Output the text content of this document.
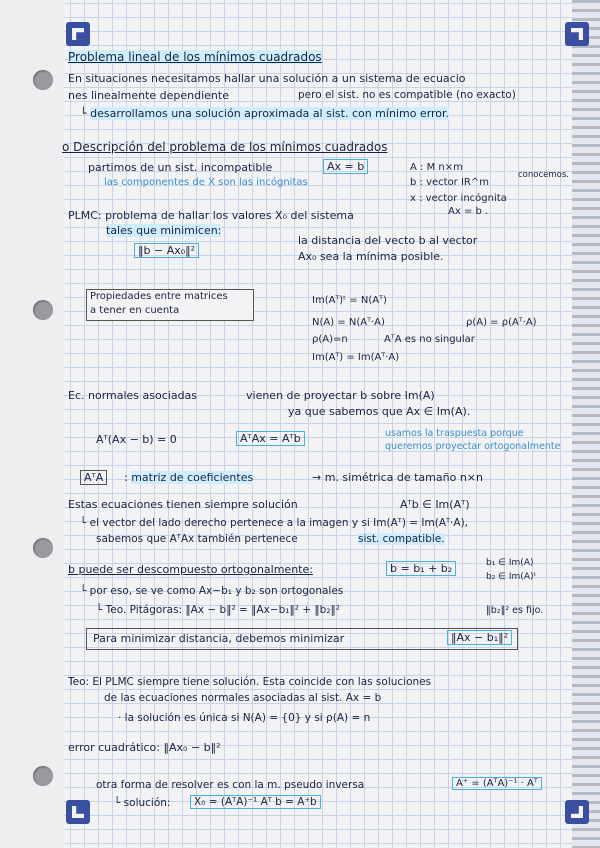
Problema lineal de los mínimos cuadrados
En situaciones necesitamos hallar una solución a un sistema de ecuacio
nes linealmente dependiente	pero el sist. no es compatible (no exacto)
└ desarrollamos una solución aproximada al sist. con mínimo error.
o Descripción del problema de los mínimos cuadrados
partimos de un sist. incompatible	Ax = b
las componentes de X son las incógnitas
A : M n×m
b : vector IR^m
x : vector incógnita
Ax = b .
conocemos.
PLMC: problema de hallar los valores X₀ del sistema
tales que minimicen:
‖b − Ax₀‖²
la distancia del vecto b al vector
Ax₀ sea la mínima posible.
Propiedades entre matrices
a tener en cuenta
Im(Aᵀ)ᵗ = N(Aᵀ)
N(A) = N(Aᵀ·A)	ρ(A) = ρ(Aᵀ·A)
ρ(A)=n	AᵀA es no singular
Im(Aᵀ) = Im(Aᵀ·A)
Ec. normales asociadas	vienen de proyectar b sobre Im(A)
ya que sabemos que Ax ∈ Im(A).
Aᵀ(Ax − b) = 0	AᵀAx = Aᵀb	usamos la traspuesta porque
queremos proyectar ortogonalmente
AᵀA	: matriz de coeficientes	→ m. simétrica de tamaño n×n
Estas ecuaciones tienen siempre solución	Aᵀb ∈ Im(Aᵀ)
└ el vector del lado derecho pertenece a la imagen y si Im(Aᵀ) = Im(Aᵀ·A),
sabemos que AᵀAx también pertenece	sist. compatible.
b puede ser descompuesto ortogonalmente:	b = b₁ + b₂	b₁ ∈ Im(A)
b₂ ∈ Im(A)ᵗ
└ por eso, se ve como Ax−b₁ y b₂ son ortogonales
└ Teo. Pitágoras: ‖Ax − b‖² = ‖Ax−b₁‖² + ‖b₂‖²	‖b₂‖² es fijo.
Para minimizar distancia, debemos minimizar	‖Ax − b₁‖²
Teo: El PLMC siempre tiene solución. Esta coincide con las soluciones
de las ecuaciones normales asociadas al sist. Ax = b
· la solución es única si N(A) = {0} y si ρ(A) = n
error cuadrático: ‖Ax₀ − b‖²
otra forma de resolver es con la m. pseudo inversa	A⁺ = (AᵀA)⁻¹ · Aᵀ
└ solución:	X₀ = (AᵀA)⁻¹ Aᵀ b = A⁺b
